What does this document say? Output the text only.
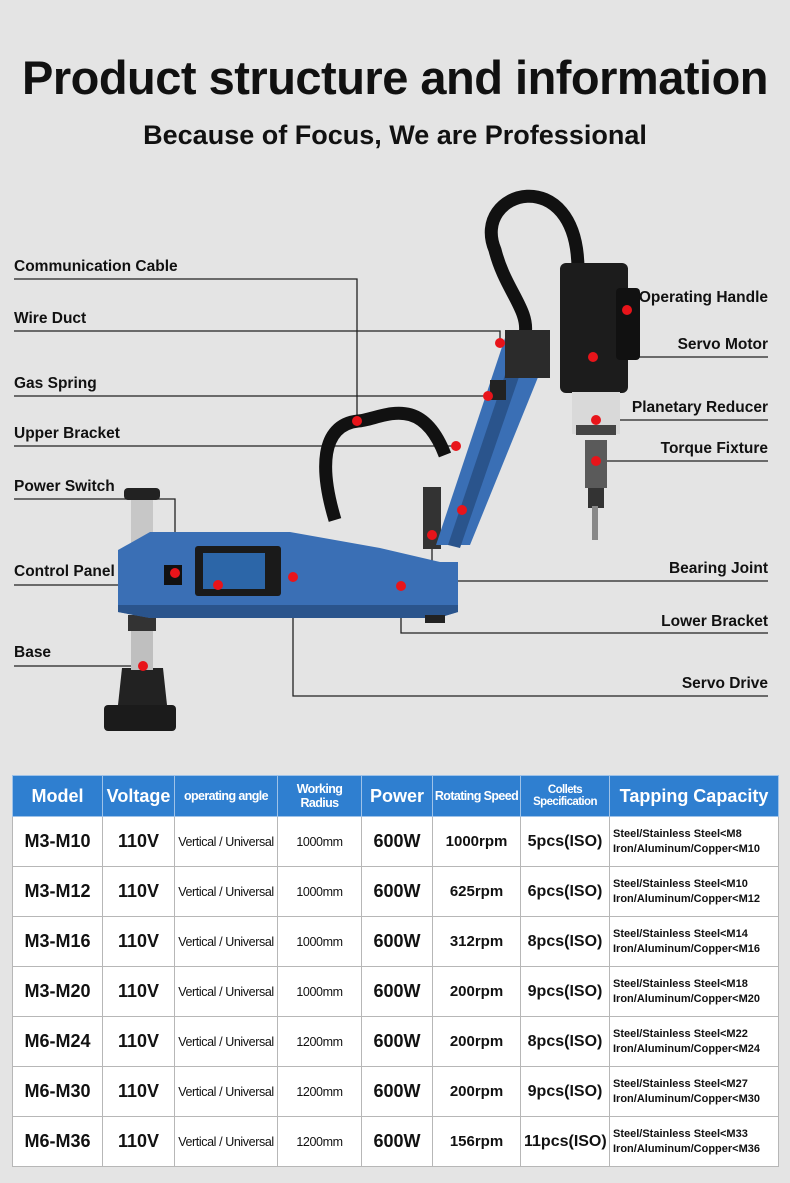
Product structure and information
Because of Focus, We are Professional
Communication Cable
Wire Duct
Gas Spring
Upper Bracket
Power Switch
Control Panel
Base
Operating Handle
Servo Motor
Planetary Reducer
Torque Fixture
Bearing Joint
Lower Bracket
Servo Drive
Model	Voltage	operating angle	Working Radius	Power	Rotating Speed	Collets Specification	Tapping Capacity
M3-M10	110V	Vertical / Universal	1000mm	600W	1000rpm	5pcs(ISO)	Steel/Stainless Steel<M8
Iron/Aluminum/Copper<M10

M3-M12	110V	Vertical / Universal	1000mm	600W	625rpm	6pcs(ISO)	Steel/Stainless Steel<M10
Iron/Aluminum/Copper<M12

M3-M16	110V	Vertical / Universal	1000mm	600W	312rpm	8pcs(ISO)	Steel/Stainless Steel<M14
Iron/Aluminum/Copper<M16

M3-M20	110V	Vertical / Universal	1000mm	600W	200rpm	9pcs(ISO)	Steel/Stainless Steel<M18
Iron/Aluminum/Copper<M20

M6-M24	110V	Vertical / Universal	1200mm	600W	200rpm	8pcs(ISO)	Steel/Stainless Steel<M22
Iron/Aluminum/Copper<M24

M6-M30	110V	Vertical / Universal	1200mm	600W	200rpm	9pcs(ISO)	Steel/Stainless Steel<M27
Iron/Aluminum/Copper<M30

M6-M36	110V	Vertical / Universal	1200mm	600W	156rpm	11pcs(ISO)	Steel/Stainless Steel<M33
Iron/Aluminum/Copper<M36
